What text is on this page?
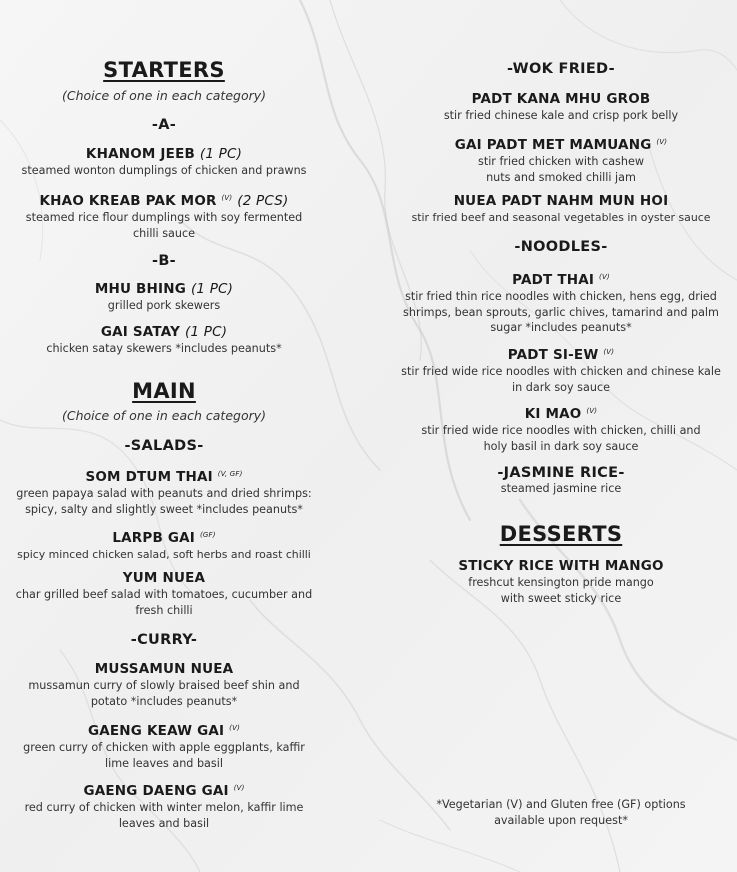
STARTERS
(Choice of one in each category)
-A-
KHANOM JEEB (1 PC)
steamed wonton dumplings of chicken and prawns
KHAO KREAB PAK MOR $^{(V)}$ (2 PCS)
steamed rice flour dumplings with soy fermented chilli sauce
-B-
MHU BHING (1 PC)
grilled pork skewers
GAI SATAY (1 PC)
chicken satay skewers *includes peanuts*
MAIN
(Choice of one in each category)
-SALADS-
SOM DTUM THAI $^{(V, GF)}$
green papaya salad with peanuts and dried shrimps: spicy, salty and slightly sweet *includes peanuts*
LARPB GAI $^{(GF)}$
spicy minced chicken salad, soft herbs and roast chilli
YUM NUEA
char grilled beef salad with tomatoes, cucumber and fresh chilli
-CURRY-
MUSSAMUN NUEA
mussamun curry of slowly braised beef shin and potato *includes peanuts*
GAENG KEAW GAI $^{(V)}$
green curry of chicken with apple eggplants, kaffir lime leaves and basil
GAENG DAENG GAI $^{(V)}$
red curry of chicken with winter melon, kaffir lime leaves and basil
-WOK FRIED-
PADT KANA MHU GROB
stir fried chinese kale and crisp pork belly
GAI PADT MET MAMUANG $^{(V)}$
stir fried chicken with cashew nuts and smoked chilli jam
NUEA PADT NAHM MUN HOI
stir fried beef and seasonal vegetables in oyster sauce
-NOODLES-
PADT THAI $^{(V)}$
stir fried thin rice noodles with chicken, hens egg, dried shrimps, bean sprouts, garlic chives, tamarind and palm sugar *includes peanuts*
PADT SI-EW $^{(V)}$
stir fried wide rice noodles with chicken and chinese kale in dark soy sauce
KI MAO $^{(V)}$
stir fried wide rice noodles with chicken, chilli and holy basil in dark soy sauce
-JASMINE RICE-
steamed jasmine rice
DESSERTS
STICKY RICE WITH MANGO
freshcut kensington pride mango with sweet sticky rice
*Vegetarian (V) and Gluten free (GF) options available upon request*
